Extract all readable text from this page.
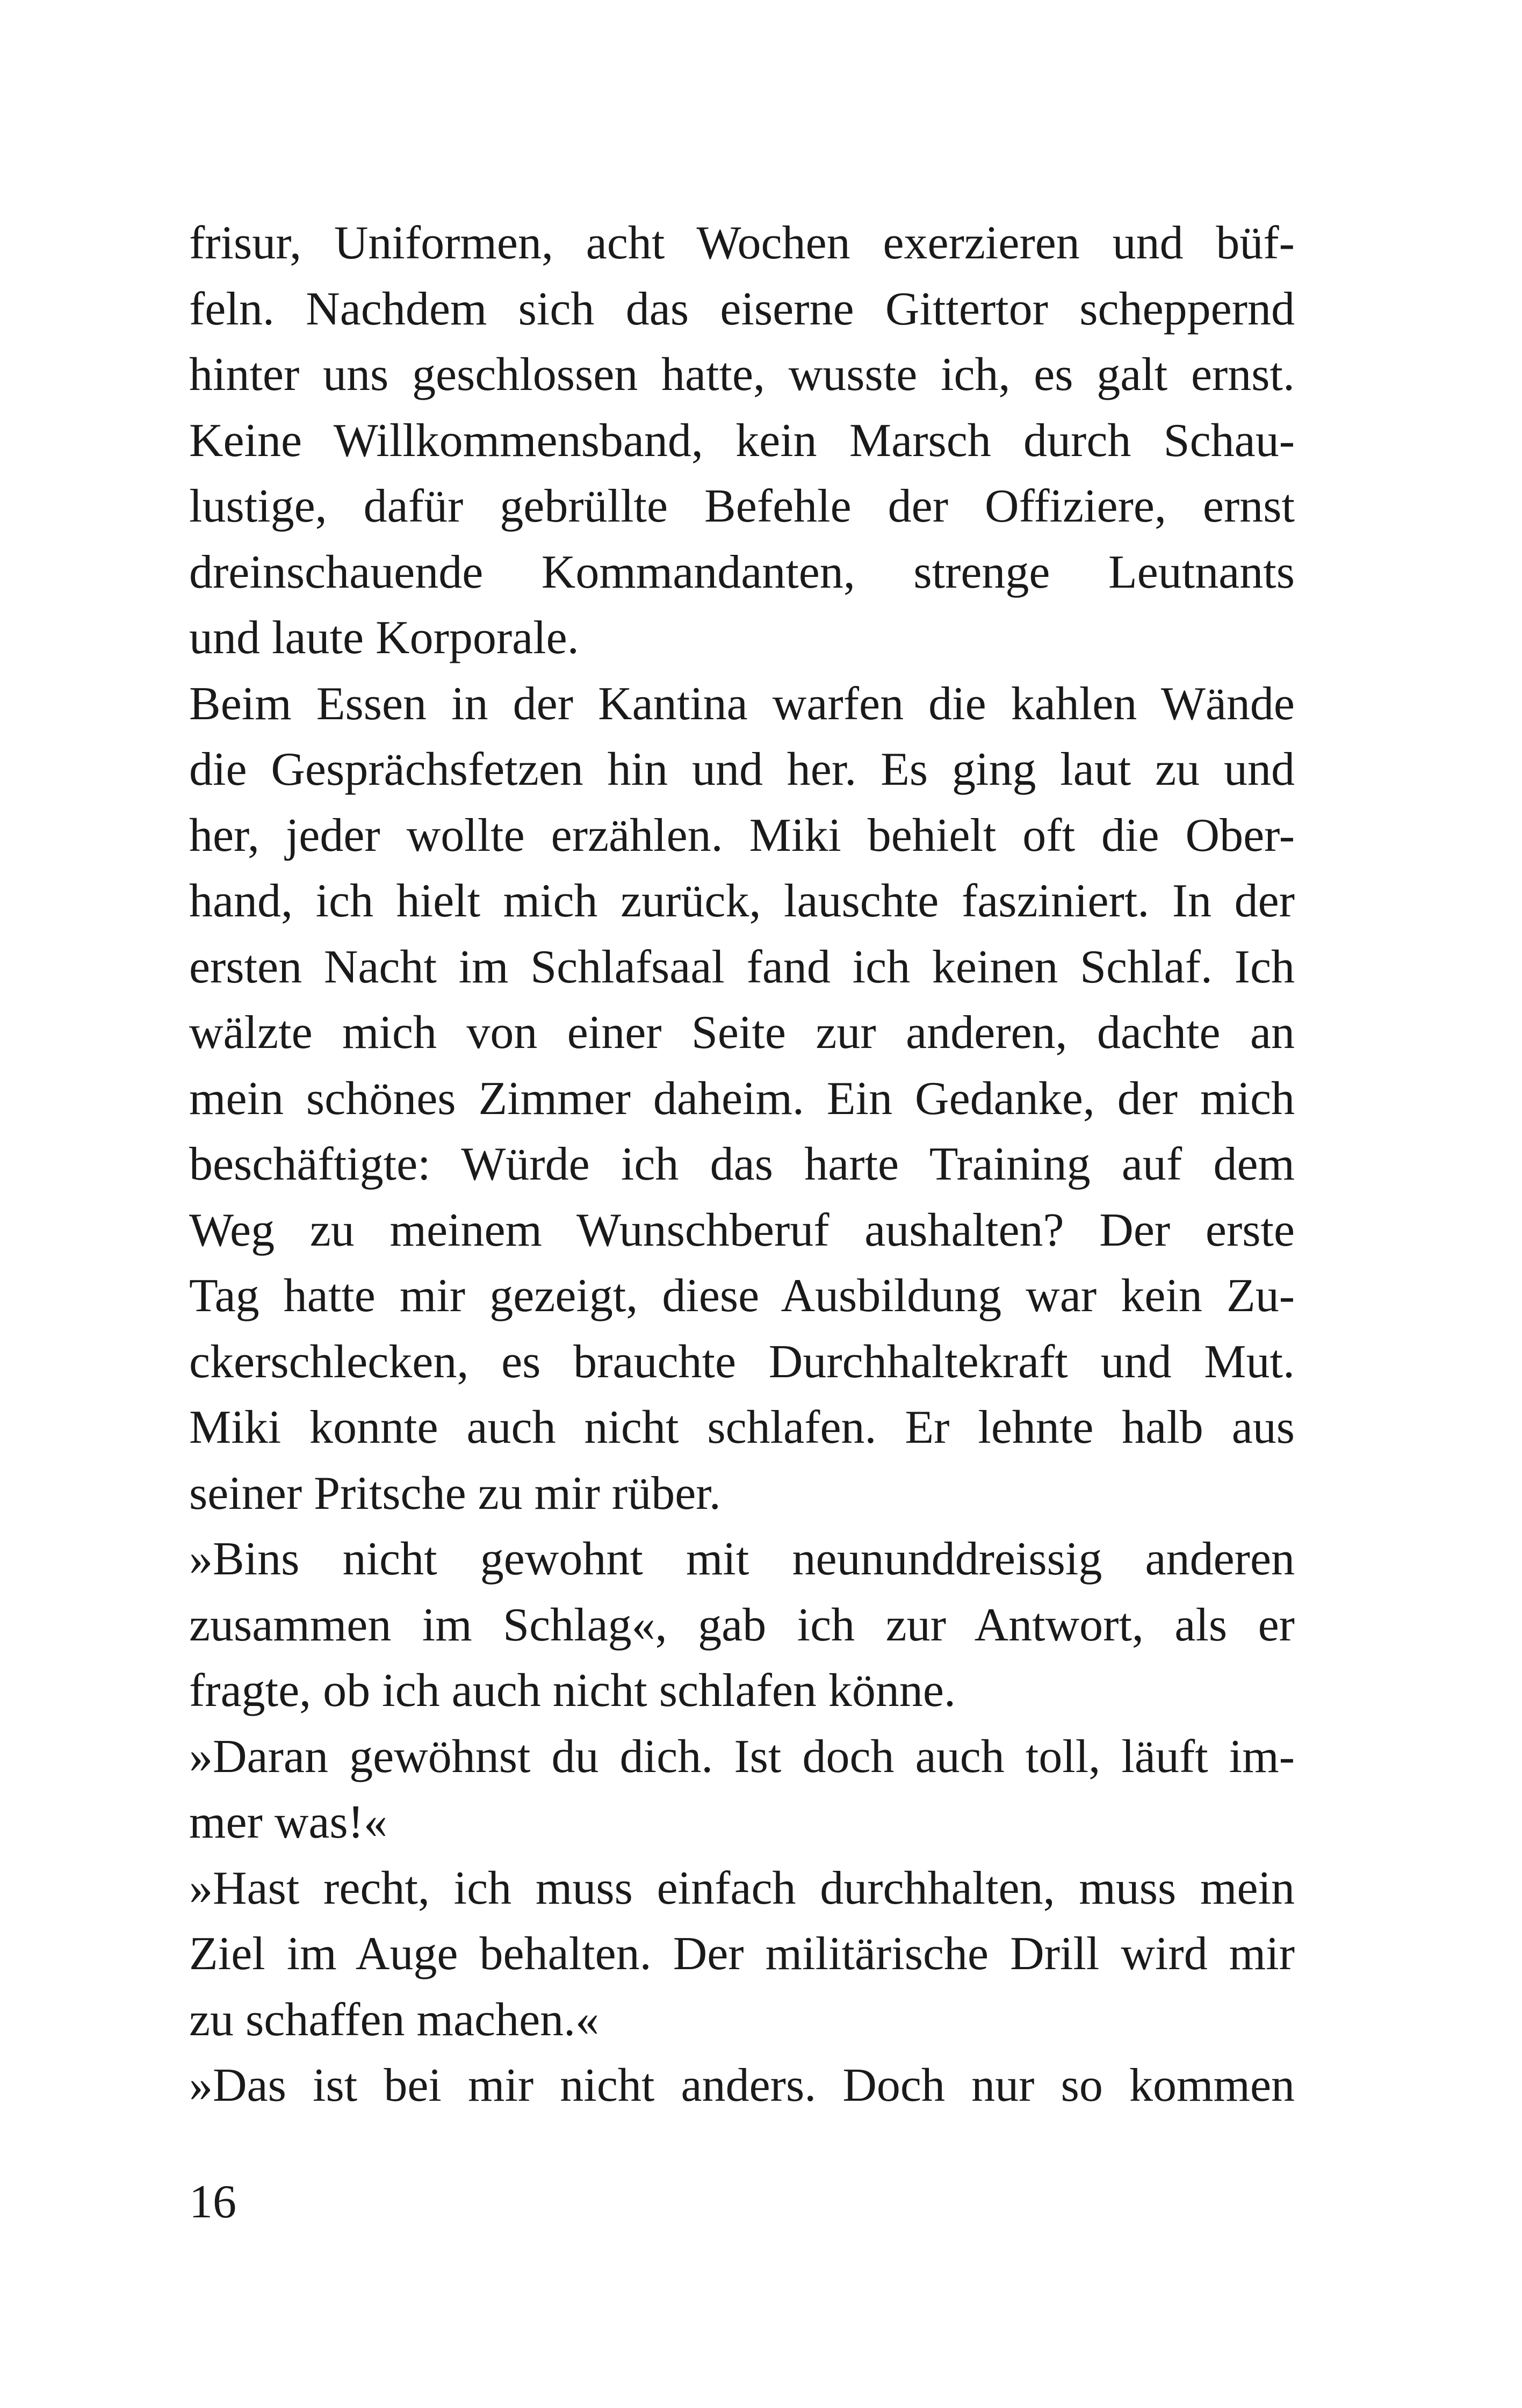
frisur, Uniformen, acht Wochen exerzieren und büf-
feln. Nachdem sich das eiserne Gittertor scheppernd
hinter uns geschlossen hatte, wusste ich, es galt ernst.
Keine Willkommensband, kein Marsch durch Schau-
lustige, dafür gebrüllte Befehle der Offiziere, ernst
dreinschauende Kommandanten, strenge Leutnants
und laute Korporale.
Beim Essen in der Kantina warfen die kahlen Wände
die Gesprächsfetzen hin und her. Es ging laut zu und
her, jeder wollte erzählen. Miki behielt oft die Ober-
hand, ich hielt mich zurück, lauschte fasziniert. In der
ersten Nacht im Schlafsaal fand ich keinen Schlaf. Ich
wälzte mich von einer Seite zur anderen, dachte an
mein schönes Zimmer daheim. Ein Gedanke, der mich
beschäftigte: Würde ich das harte Training auf dem
Weg zu meinem Wunschberuf aushalten? Der erste
Tag hatte mir gezeigt, diese Ausbildung war kein Zu-
ckerschlecken, es brauchte Durchhaltekraft und Mut.
Miki konnte auch nicht schlafen. Er lehnte halb aus
seiner Pritsche zu mir rüber.
»Bins nicht gewohnt mit neununddreissig anderen
zusammen im Schlag«, gab ich zur Antwort, als er
fragte, ob ich auch nicht schlafen könne.
»Daran gewöhnst du dich. Ist doch auch toll, läuft im-
mer was!«
»Hast recht, ich muss einfach durchhalten, muss mein
Ziel im Auge behalten. Der militärische Drill wird mir
zu schaffen machen.«
»Das ist bei mir nicht anders. Doch nur so kommen
16
